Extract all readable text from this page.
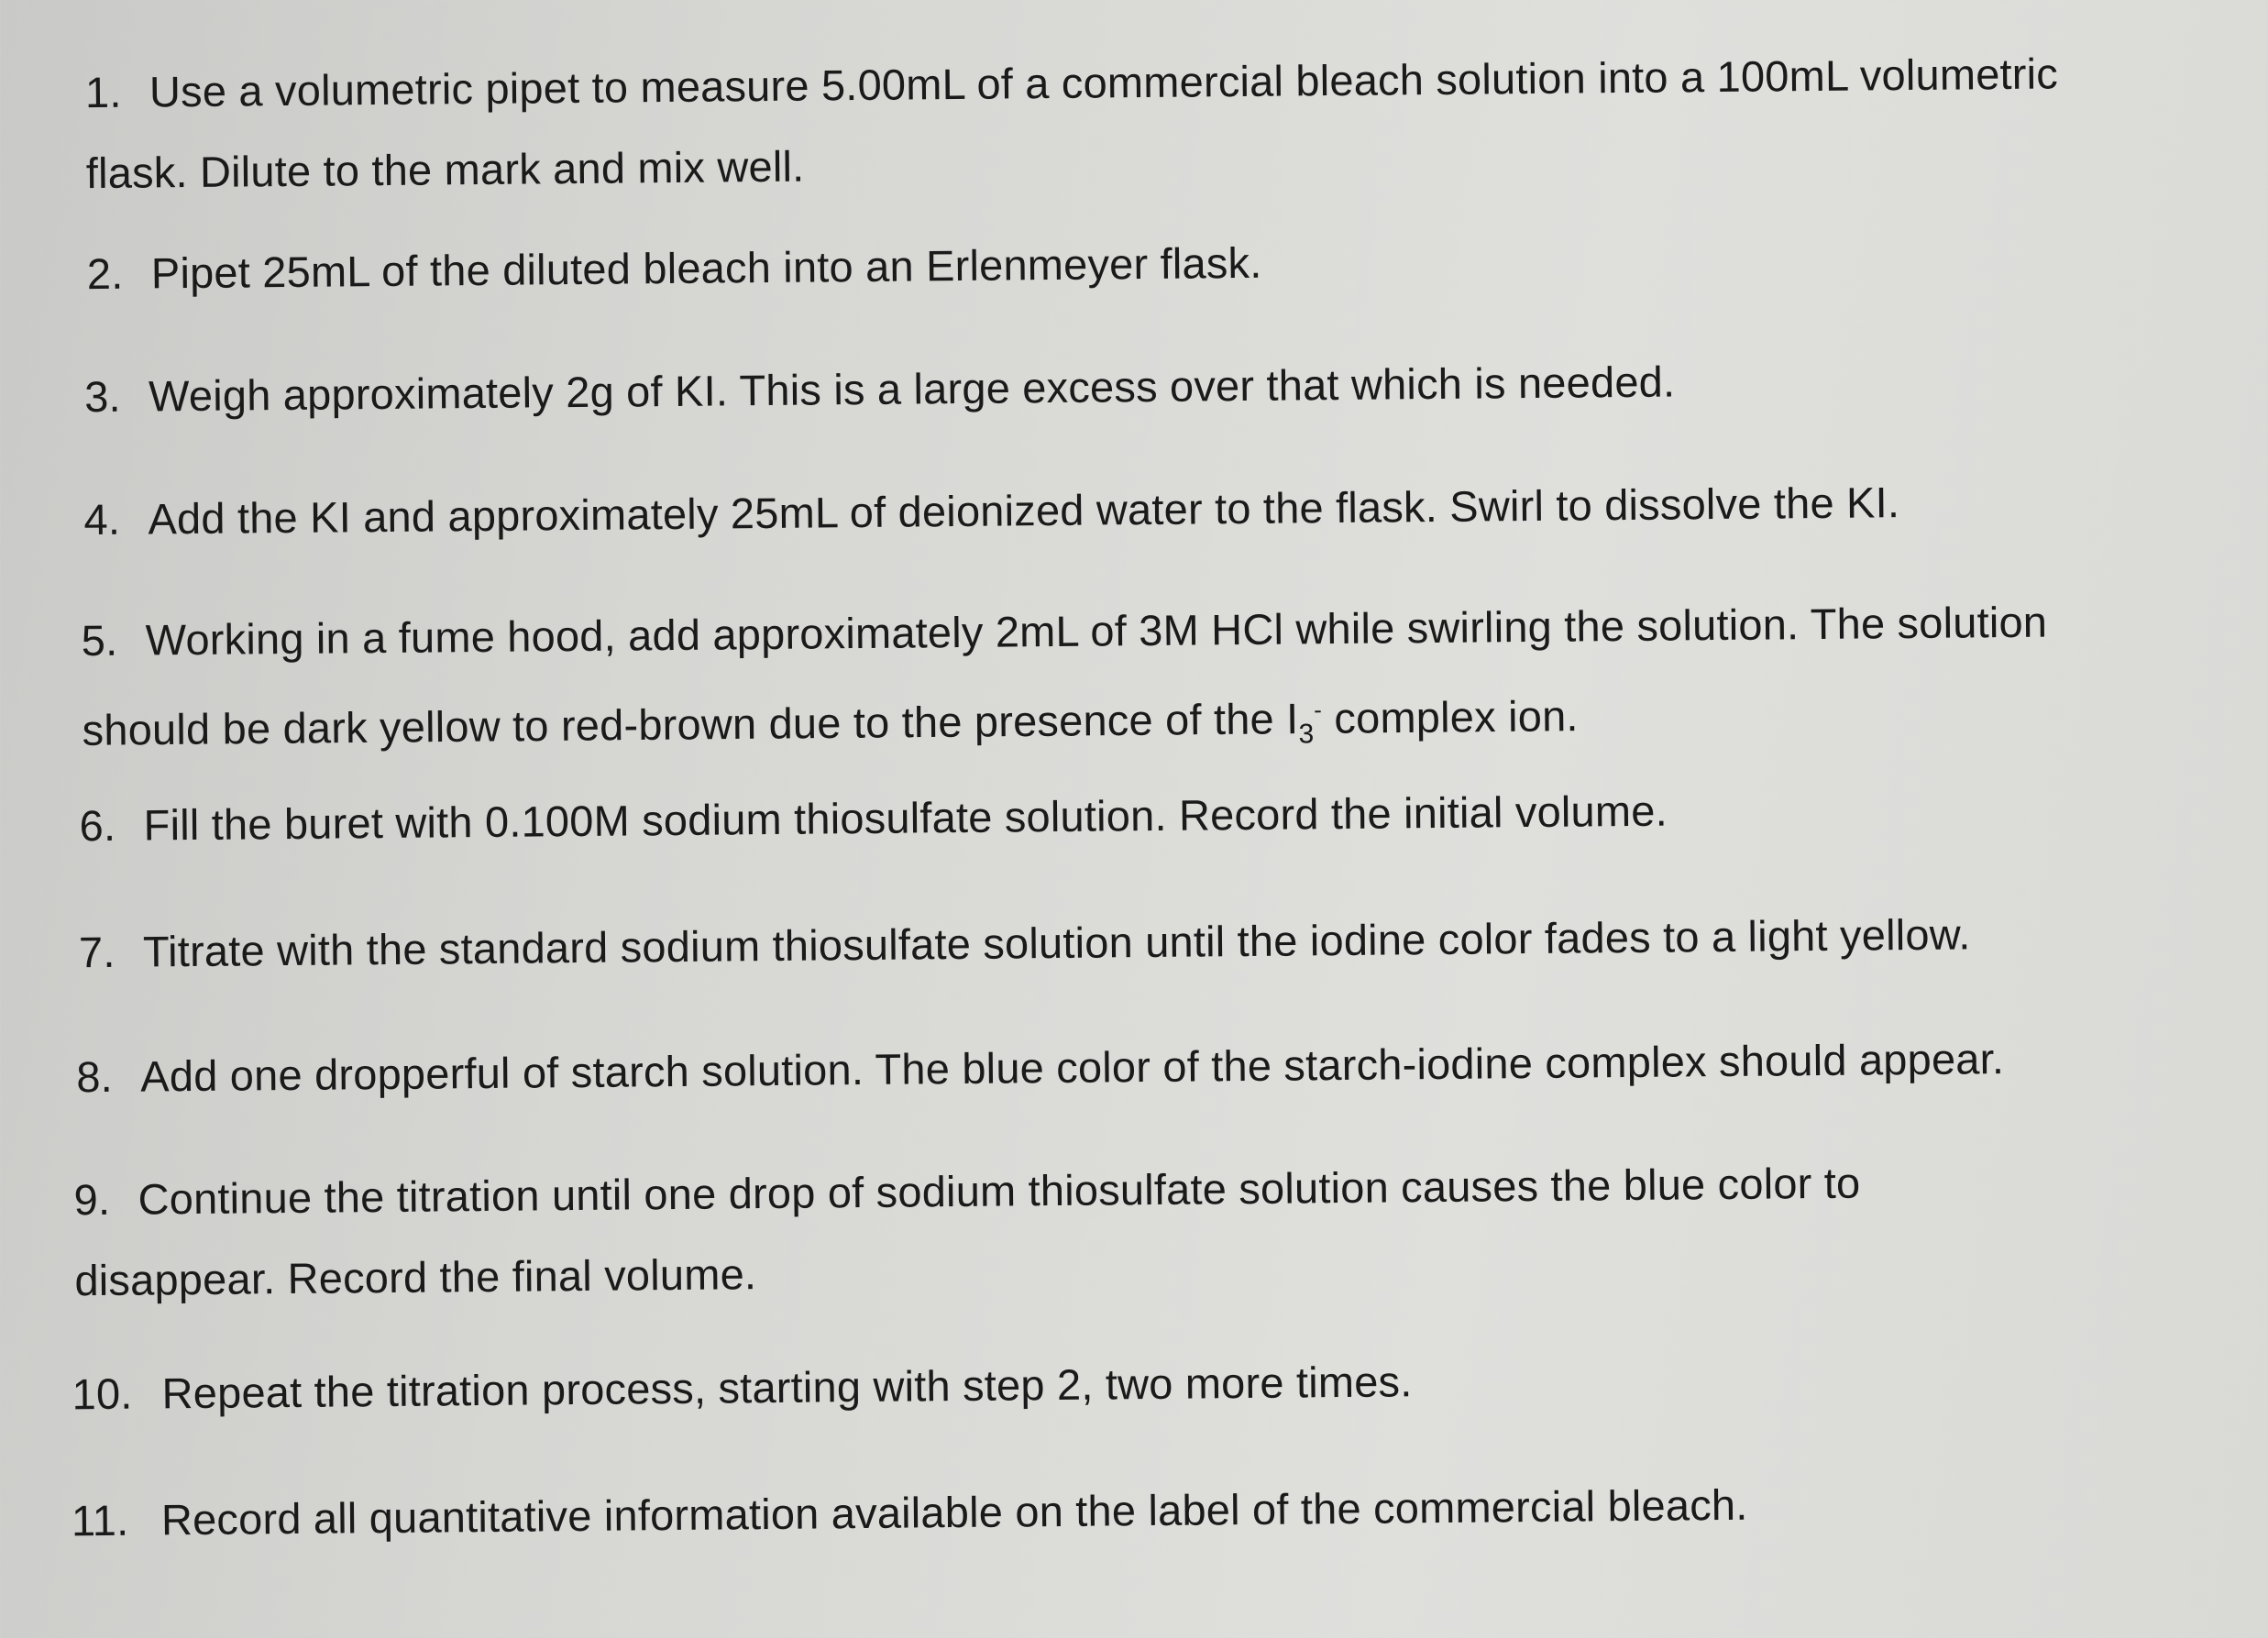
1. Use a volumetric pipet to measure 5.00mL of a commercial bleach solution into a 100mL volumetric
flask. Dilute to the mark and mix well.
2. Pipet 25mL of the diluted bleach into an Erlenmeyer flask.
3. Weigh approximately 2g of KI. This is a large excess over that which is needed.
4. Add the KI and approximately 25mL of deionized water to the flask. Swirl to dissolve the KI.
5. Working in a fume hood, add approximately 2mL of 3M HCl while swirling the solution. The solution
should be dark yellow to red-brown due to the presence of the $I_3^-$ complex ion.
6. Fill the buret with 0.100M sodium thiosulfate solution. Record the initial volume.
7. Titrate with the standard sodium thiosulfate solution until the iodine color fades to a light yellow.
8. Add one dropperful of starch solution. The blue color of the starch-iodine complex should appear.
9. Continue the titration until one drop of sodium thiosulfate solution causes the blue color to
disappear. Record the final volume.
10. Repeat the titration process, starting with step 2, two more times.
11. Record all quantitative information available on the label of the commercial bleach.
